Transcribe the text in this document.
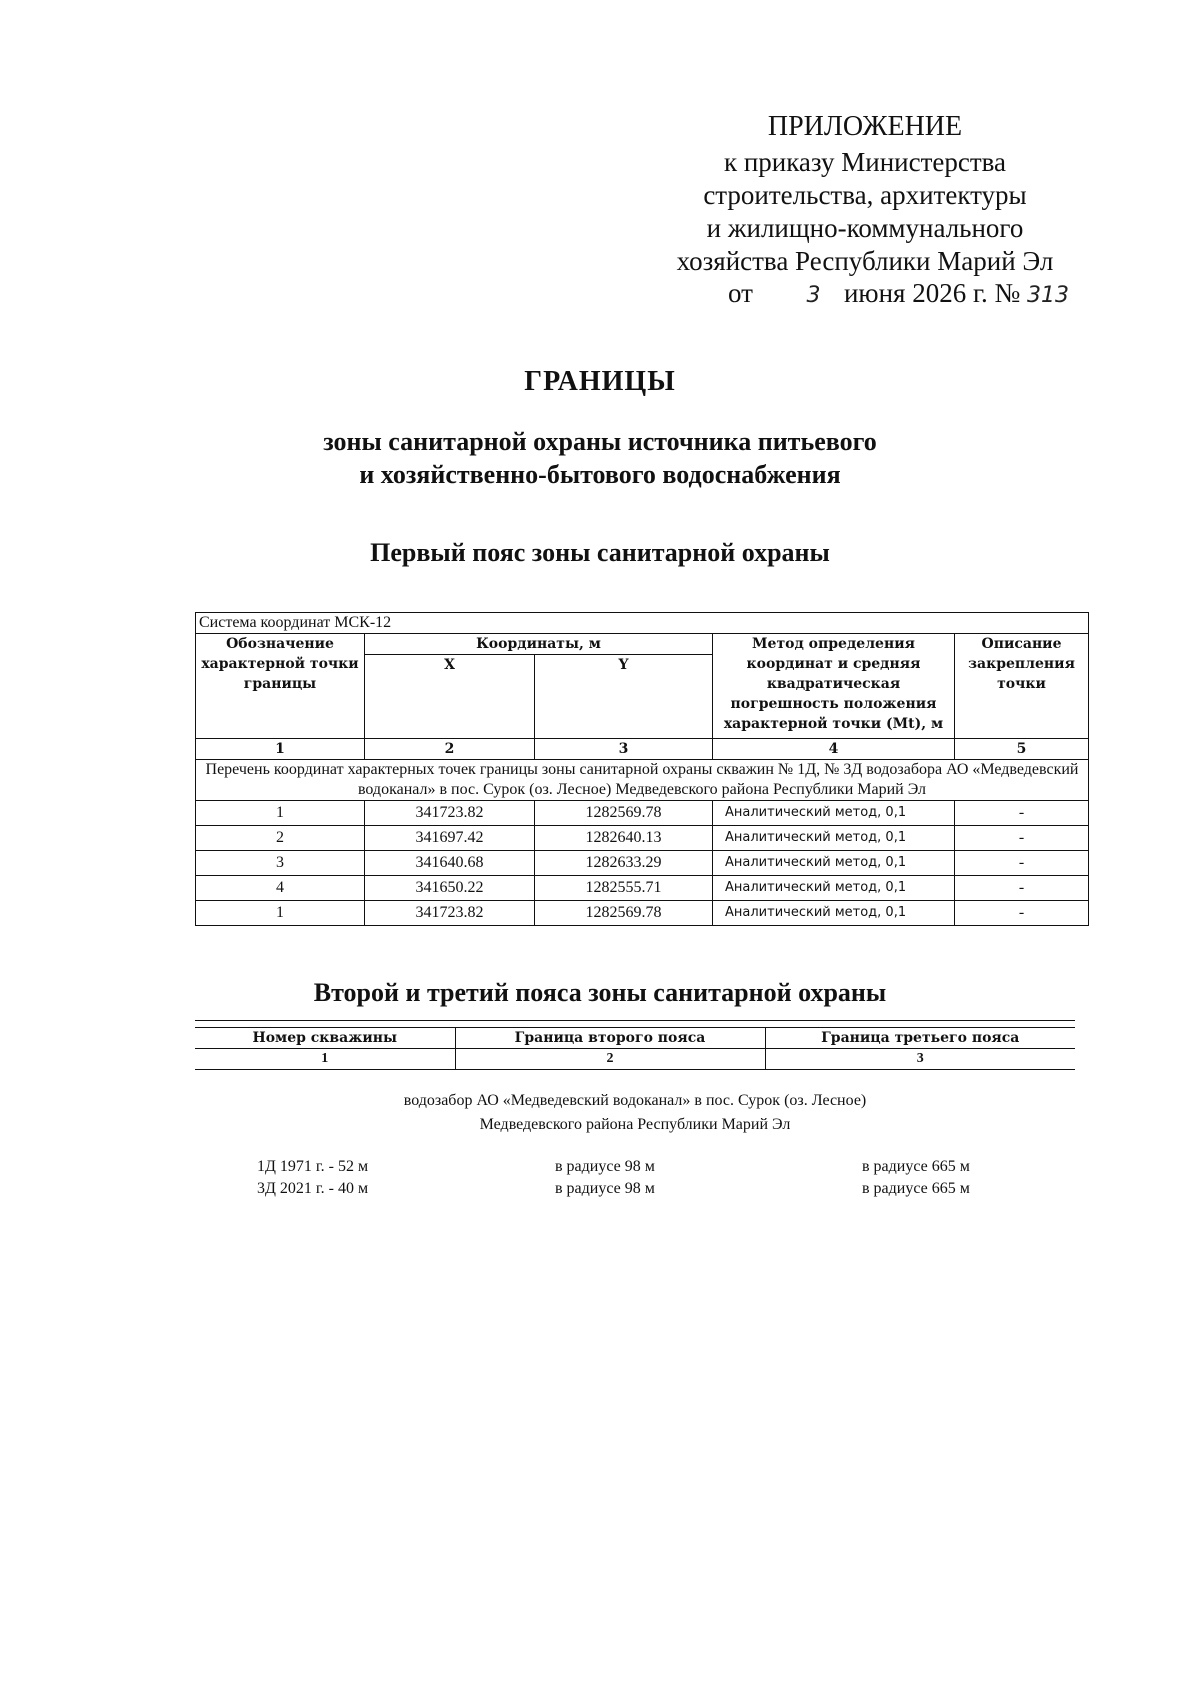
ПРИЛОЖЕНИЕ
к приказу Министерства
строительства, архитектуры
и жилищно-коммунального
хозяйства Республики Марий Эл
от 3 июня 2026 г. № 313
ГРАНИЦЫ
зоны санитарной охраны источника питьевого
и хозяйственно-бытового водоснабжения
Первый пояс зоны санитарной охраны
Система координат МСК-12				
Обозначение характерной точки границы	Координаты, м		Метод определения координат и средняя квадратическая погрешность положения характерной точки (Mt), м	Описание закрепления точки
	X	Y		
1	2	3	4	5
Перечень координат характерных точек границы зоны санитарной охраны скважин № 1Д, № 3Д водозабора АО «Медведевский водоканал» в пос. Сурок (оз. Лесное) Медведевского района Республики Марий Эл				
1	341723.82	1282569.78	Аналитический метод, 0,1	-
2	341697.42	1282640.13	Аналитический метод, 0,1	-
3	341640.68	1282633.29	Аналитический метод, 0,1	-
4	341650.22	1282555.71	Аналитический метод, 0,1	-
1	341723.82	1282569.78	Аналитический метод, 0,1	-
Второй и третий пояса зоны санитарной охраны
Номер скважины	Граница второго пояса	Граница третьего пояса
1	2	3
водозабор АО «Медведевский водоканал» в пос. Сурок (оз. Лесное)
Медведевского района Республики Марий Эл
1Д 1971 г. - 52 м	в радиусе 98 м	в радиусе 665 м
3Д 2021 г. - 40 м	в радиусе 98 м	в радиусе 665 м
